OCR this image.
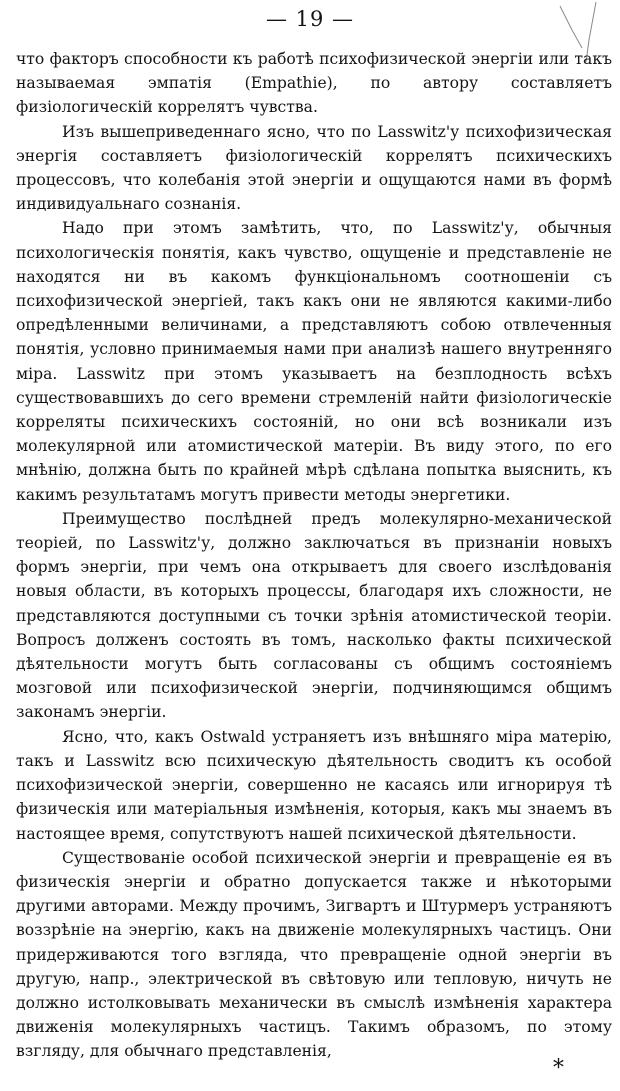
— 19 —

что факторъ способности къ работѣ психофизической энергіи или такъ называемая эмпатія (Empathie), по автору составляетъ физіологическій коррелятъ чувства.

Изъ вышеприведеннаго ясно, что по Lasswitz'у психофизическая энергія составляетъ физіологическій коррелятъ психическихъ процессовъ, что колебанія этой энергіи и ощущаются нами въ формѣ индивидуальнаго сознанія.

Надо при этомъ замѣтить, что, по Lasswitz'у, обычныя психологическія понятія, какъ чувство, ощущеніе и представленіе не находятся ни въ какомъ функціональномъ соотношеніи съ психофизической энергіей, такъ какъ они не являются какими-либо опредѣленными величинами, а представляютъ собою отвлеченныя понятія, условно принимаемыя нами при анализѣ нашего внутренняго міра. Lasswitz при этомъ указываетъ на безплодность всѣхъ существовавшихъ до сего времени стремленій найти физіологическіе корреляты психическихъ состояній, но они всѣ возникали изъ молекулярной или атомистической матеріи. Въ виду этого, по его мнѣнію, должна быть по крайней мѣрѣ сдѣлана попытка выяснить, къ какимъ результатамъ могутъ привести методы энергетики.

Преимущество послѣдней предъ молекулярно-механической теоріей, по Lasswitz'у, должно заключаться въ признаніи новыхъ формъ энергіи, при чемъ она открываетъ для своего изслѣдованія новыя области, въ которыхъ процессы, благодаря ихъ сложности, не представляются доступными съ точки зрѣнія атомистической теоріи. Вопросъ долженъ состоять въ томъ, насколько факты психической дѣятельности могутъ быть согласованы съ общимъ состояніемъ мозговой или психофизической энергіи, подчиняющимся общимъ законамъ энергіи.

Ясно, что, какъ Ostwald устраняетъ изъ внѣшняго міра матерію, такъ и Lasswitz всю психическую дѣятельность сводитъ къ особой психофизической энергіи, совершенно не касаясь или игнорируя тѣ физическія или матеріальныя измѣненія, которыя, какъ мы знаемъ въ настоящее время, сопутствуютъ нашей психической дѣятельности.

Существованіе особой психической энергіи и превращеніе ея въ физическія энергіи и обратно допускается также и нѣкоторыми другими авторами. Между прочимъ, Зигвартъ и Штурмеръ устраняютъ воззрѣніе на энергію, какъ на движеніе молекулярныхъ частицъ. Они придерживаются того взгляда, что превращеніе одной энергіи въ другую, напр., электрической въ свѣтовую или тепловую, ничуть не должно истолковывать механически въ смыслѣ измѣненія характера движенія молекулярныхъ частицъ. Такимъ образомъ, по этому взгляду, для обычнаго представленія,

*
